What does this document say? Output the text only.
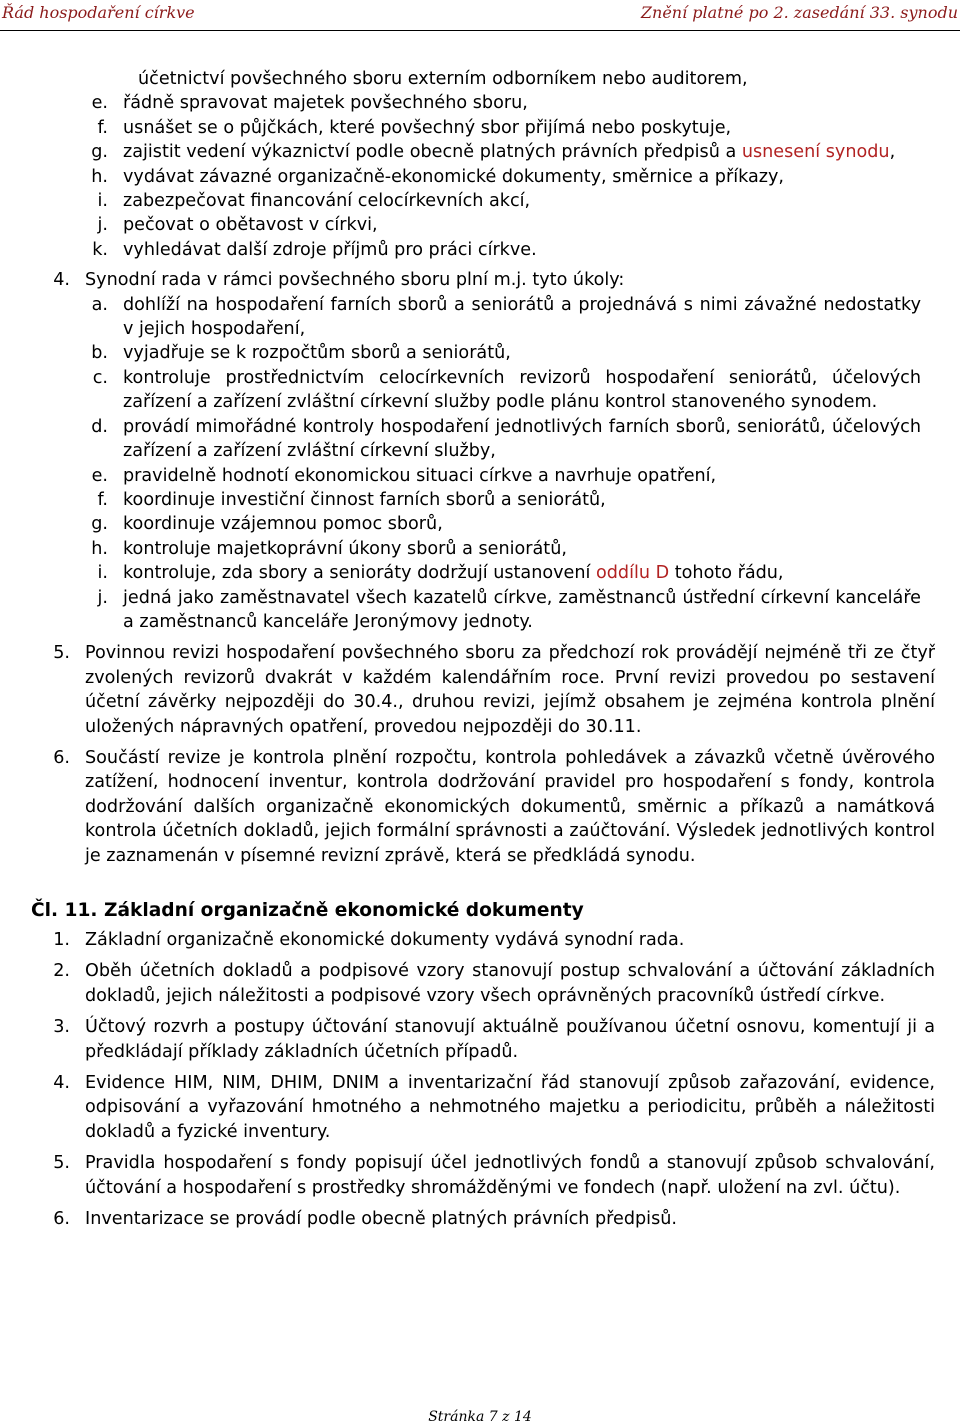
Řád hospodaření církve	Znění platné po 2. zasedání 33. synodu
účetnictví povšechného sboru externím odborníkem nebo auditorem,
e. řádně spravovat majetek povšechného sboru,
f. usnášet se o půjčkách, které povšechný sbor přijímá nebo poskytuje,
g. zajistit vedení výkaznictví podle obecně platných právních předpisů a usnesení synodu,
h. vydávat závazné organizačně-ekonomické dokumenty, směrnice a příkazy,
i. zabezpečovat financování celocírkevních akcí,
j. pečovat o obětavost v církvi,
k. vyhledávat další zdroje příjmů pro práci církve.
4. Synodní rada v rámci povšechného sboru plní m.j. tyto úkoly:
a. dohlíží na hospodaření farních sborů a seniorátů a projednává s nimi závažné nedostatky v jejich hospodaření,
b. vyjadřuje se k rozpočtům sborů a seniorátů,
c. kontroluje prostřednictvím celocírkevních revizorů hospodaření seniorátů, účelových zařízení a zařízení zvláštní církevní služby podle plánu kontrol stanoveného synodem.
d. provádí mimořádné kontroly hospodaření jednotlivých farních sborů, seniorátů, účelových zařízení a zařízení zvláštní církevní služby,
e. pravidelně hodnotí ekonomickou situaci církve a navrhuje opatření,
f. koordinuje investiční činnost farních sborů a seniorátů,
g. koordinuje vzájemnou pomoc sborů,
h. kontroluje majetkoprávní úkony sborů a seniorátů,
i. kontroluje, zda sbory a senioráty dodržují ustanovení oddílu D tohoto řádu,
j. jedná jako zaměstnavatel všech kazatelů církve, zaměstnanců ústřední církevní kanceláře a zaměstnanců kanceláře Jeronýmovy jednoty.
5. Povinnou revizi hospodaření povšechného sboru za předchozí rok provádějí nejméně tři ze čtyř zvolených revizorů dvakrát v každém kalendářním roce. První revizi provedou po sestavení účetní závěrky nejpozději do 30.4., druhou revizi, jejímž obsahem je zejména kontrola plnění uložených nápravných opatření, provedou nejpozději do 30.11.
6. Součástí revize je kontrola plnění rozpočtu, kontrola pohledávek a závazků včetně úvěrového zatížení, hodnocení inventur, kontrola dodržování pravidel pro hospodaření s fondy, kontrola dodržování dalších organizačně ekonomických dokumentů, směrnic a příkazů a namátková kontrola účetních dokladů, jejich formální správnosti a zaúčtování. Výsledek jednotlivých kontrol je zaznamenán v písemné revizní zprávě, která se předkládá synodu.
Čl. 11. Základní organizačně ekonomické dokumenty
1. Základní organizačně ekonomické dokumenty vydává synodní rada.
2. Oběh účetních dokladů a podpisové vzory stanovují postup schvalování a účtování základních dokladů, jejich náležitosti a podpisové vzory všech oprávněných pracovníků ústředí církve.
3. Účtový rozvrh a postupy účtování stanovují aktuálně používanou účetní osnovu, komentují ji a předkládají příklady základních účetních případů.
4. Evidence HIM, NIM, DHIM, DNIM a inventarizační řád stanovují způsob zařazování, evidence, odpisování a vyřazování hmotného a nehmotného majetku a periodicitu, průběh a náležitosti dokladů a fyzické inventury.
5. Pravidla hospodaření s fondy popisují účel jednotlivých fondů a stanovují způsob schvalování, účtování a hospodaření s prostředky shromážděnými ve fondech (např. uložení na zvl. účtu).
6. Inventarizace se provádí podle obecně platných právních předpisů.
Stránka 7 z 14
